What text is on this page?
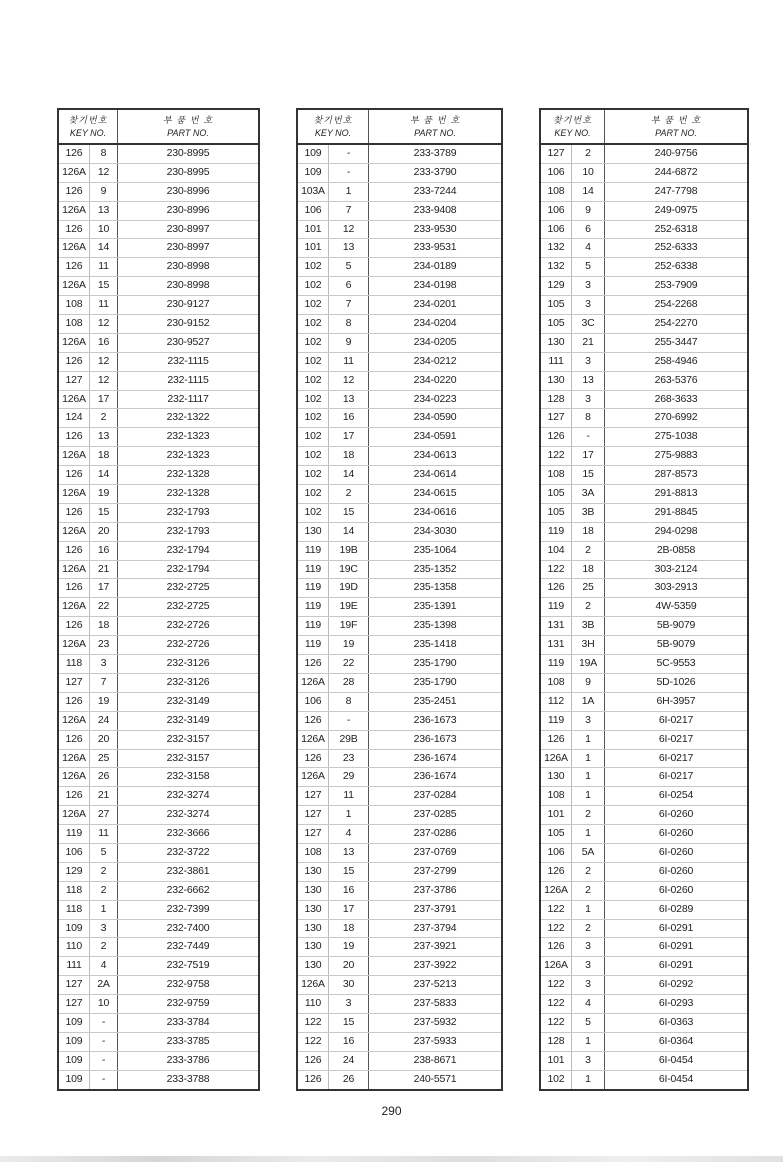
찾기번호
KEY NO.
부 품 번 호
PART NO.
126	8	230-8995
126A	12	230-8995
126	9	230-8996
126A	13	230-8996
126	10	230-8997
126A	14	230-8997
126	11	230-8998
126A	15	230-8998
108	11	230-9127
108	12	230-9152
126A	16	230-9527
126	12	232-1115
127	12	232-1115
126A	17	232-1117
124	2	232-1322
126	13	232-1323
126A	18	232-1323
126	14	232-1328
126A	19	232-1328
126	15	232-1793
126A	20	232-1793
126	16	232-1794
126A	21	232-1794
126	17	232-2725
126A	22	232-2725
126	18	232-2726
126A	23	232-2726
118	3	232-3126
127	7	232-3126
126	19	232-3149
126A	24	232-3149
126	20	232-3157
126A	25	232-3157
126A	26	232-3158
126	21	232-3274
126A	27	232-3274
119	11	232-3666
106	5	232-3722
129	2	232-3861
118	2	232-6662
118	1	232-7399
109	3	232-7400
110	2	232-7449
111	4	232-7519
127	2A	232-9758
127	10	232-9759
109	-	233-3784
109	-	233-3785
109	-	233-3786
109	-	233-3788
찾기번호
KEY NO.
부 품 번 호
PART NO.
109	-	233-3789
109	-	233-3790
103A	1	233-7244
106	7	233-9408
101	12	233-9530
101	13	233-9531
102	5	234-0189
102	6	234-0198
102	7	234-0201
102	8	234-0204
102	9	234-0205
102	11	234-0212
102	12	234-0220
102	13	234-0223
102	16	234-0590
102	17	234-0591
102	18	234-0613
102	14	234-0614
102	2	234-0615
102	15	234-0616
130	14	234-3030
119	19B	235-1064
119	19C	235-1352
119	19D	235-1358
119	19E	235-1391
119	19F	235-1398
119	19	235-1418
126	22	235-1790
126A	28	235-1790
106	8	235-2451
126	-	236-1673
126A	29B	236-1673
126	23	236-1674
126A	29	236-1674
127	11	237-0284
127	1	237-0285
127	4	237-0286
108	13	237-0769
130	15	237-2799
130	16	237-3786
130	17	237-3791
130	18	237-3794
130	19	237-3921
130	20	237-3922
126A	30	237-5213
110	3	237-5833
122	15	237-5932
122	16	237-5933
126	24	238-8671
126	26	240-5571
찾기번호
KEY NO.
부 품 번 호
PART NO.
127	2	240-9756
106	10	244-6872
108	14	247-7798
106	9	249-0975
106	6	252-6318
132	4	252-6333
132	5	252-6338
129	3	253-7909
105	3	254-2268
105	3C	254-2270
130	21	255-3447
111	3	258-4946
130	13	263-5376
128	3	268-3633
127	8	270-6992
126	-	275-1038
122	17	275-9883
108	15	287-8573
105	3A	291-8813
105	3B	291-8845
119	18	294-0298
104	2	2B-0858
122	18	303-2124
126	25	303-2913
119	2	4W-5359
131	3B	5B-9079
131	3H	5B-9079
119	19A	5C-9553
108	9	5D-1026
112	1A	6H-3957
119	3	6I-0217
126	1	6I-0217
126A	1	6I-0217
130	1	6I-0217
108	1	6I-0254
101	2	6I-0260
105	1	6I-0260
106	5A	6I-0260
126	2	6I-0260
126A	2	6I-0260
122	1	6I-0289
122	2	6I-0291
126	3	6I-0291
126A	3	6I-0291
122	3	6I-0292
122	4	6I-0293
122	5	6I-0363
128	1	6I-0364
101	3	6I-0454
102	1	6I-0454
290
